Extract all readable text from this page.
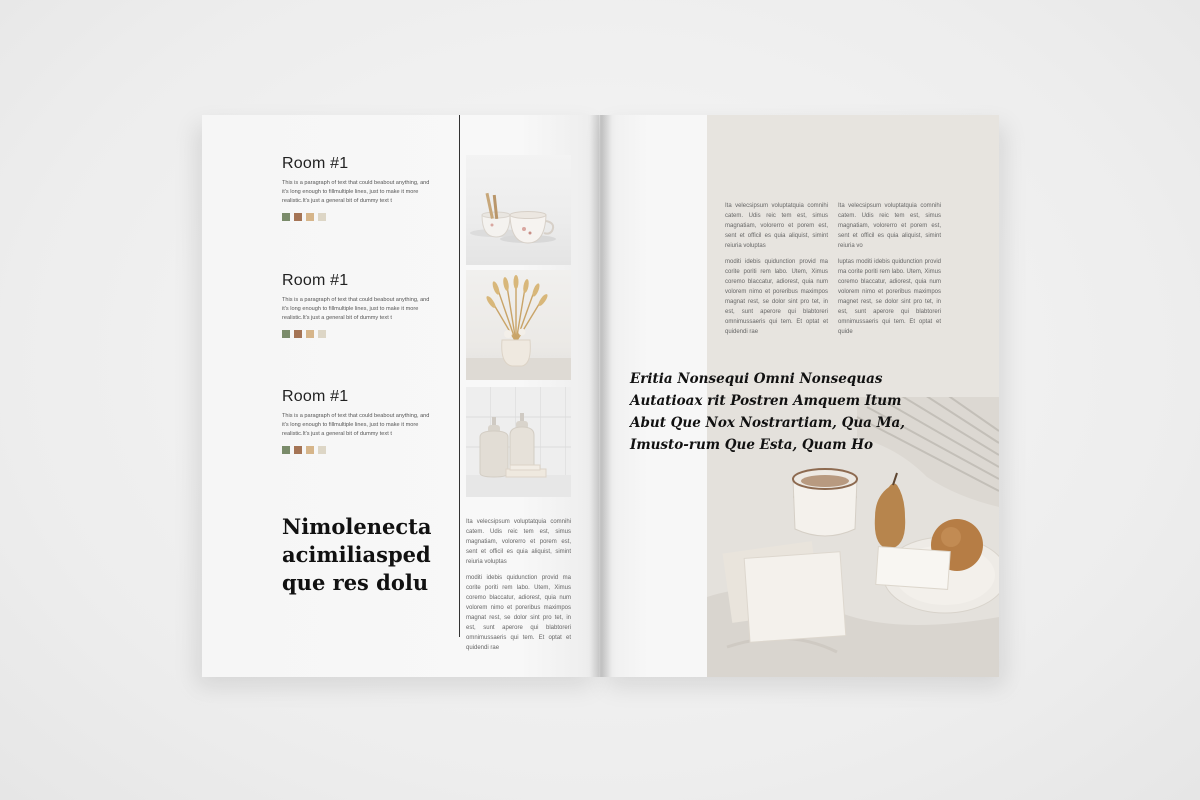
Room #1
This is a paragraph of text that could beabout anything, and it's long enough to fillmultiple lines, just to make it more realistic.It's just a general bit of dummy text t
Room #1
This is a paragraph of text that could beabout anything, and it's long enough to fillmultiple lines, just to make it more realistic.It's just a general bit of dummy text t
Room #1
This is a paragraph of text that could beabout anything, and it's long enough to fillmultiple lines, just to make it more realistic.It's just a general bit of dummy text t
Nimolenecta acimiliasped que res dolu

Ita velecsipsum voluptatquia comnihi catem. Udis reic tem est, simus magnatiam, volorerro et porem est, sent et officil es quia aliquist, simint reiuria voluptas

moditi idebis quidunction provid ma corite poriti rem labo. Utem, Ximus coremo blaccatur, adiorest, quia num volorem nimo et poreribus maximpos magnat rest, se dolor sint pro tet, in est, sunt aperore qui blabtoreri omnimussaeris qui tem. Et optat et quidendi rae

Ita velecsipsum voluptatquia comnihi catem. Udis reic tem est, simus magnatiam, volorerro et porem est, sent et officil es quia aliquist, simint reiuria voluptas

moditi idebis quidunction provid ma corite poriti rem labo. Utem, Ximus coremo blaccatur, adiorest, quia num volorem nimo et poreribus maximpos magnat rest, se dolor sint pro tet, in est, sunt aperore qui blabtoreri omnimussaeris qui tem. Et optat et quidendi rae

Ita velecsipsum voluptatquia comnihi catem. Udis reic tem est, simus magnatiam, volorerro et porem est, sent et officil es quia aliquist, simint reiuria vo

luptas moditi idebis quidunction provid ma corite poriti rem labo. Utem, Ximus coremo blaccatur, adiorest, quia num volorem nimo et poreribus maximpos magnet rest, se dolor sint pro tet, in est, sunt aperore qui blabtoreri omnimussaeris qui tem. Et optat et quide

Eritia Nonsequi Omni Nonsequas Autatioax rit Postren Amquem Itum Abut Que Nox Nostrartiam, Qua Ma, Imusto-rum Que Esta, Quam Ho
